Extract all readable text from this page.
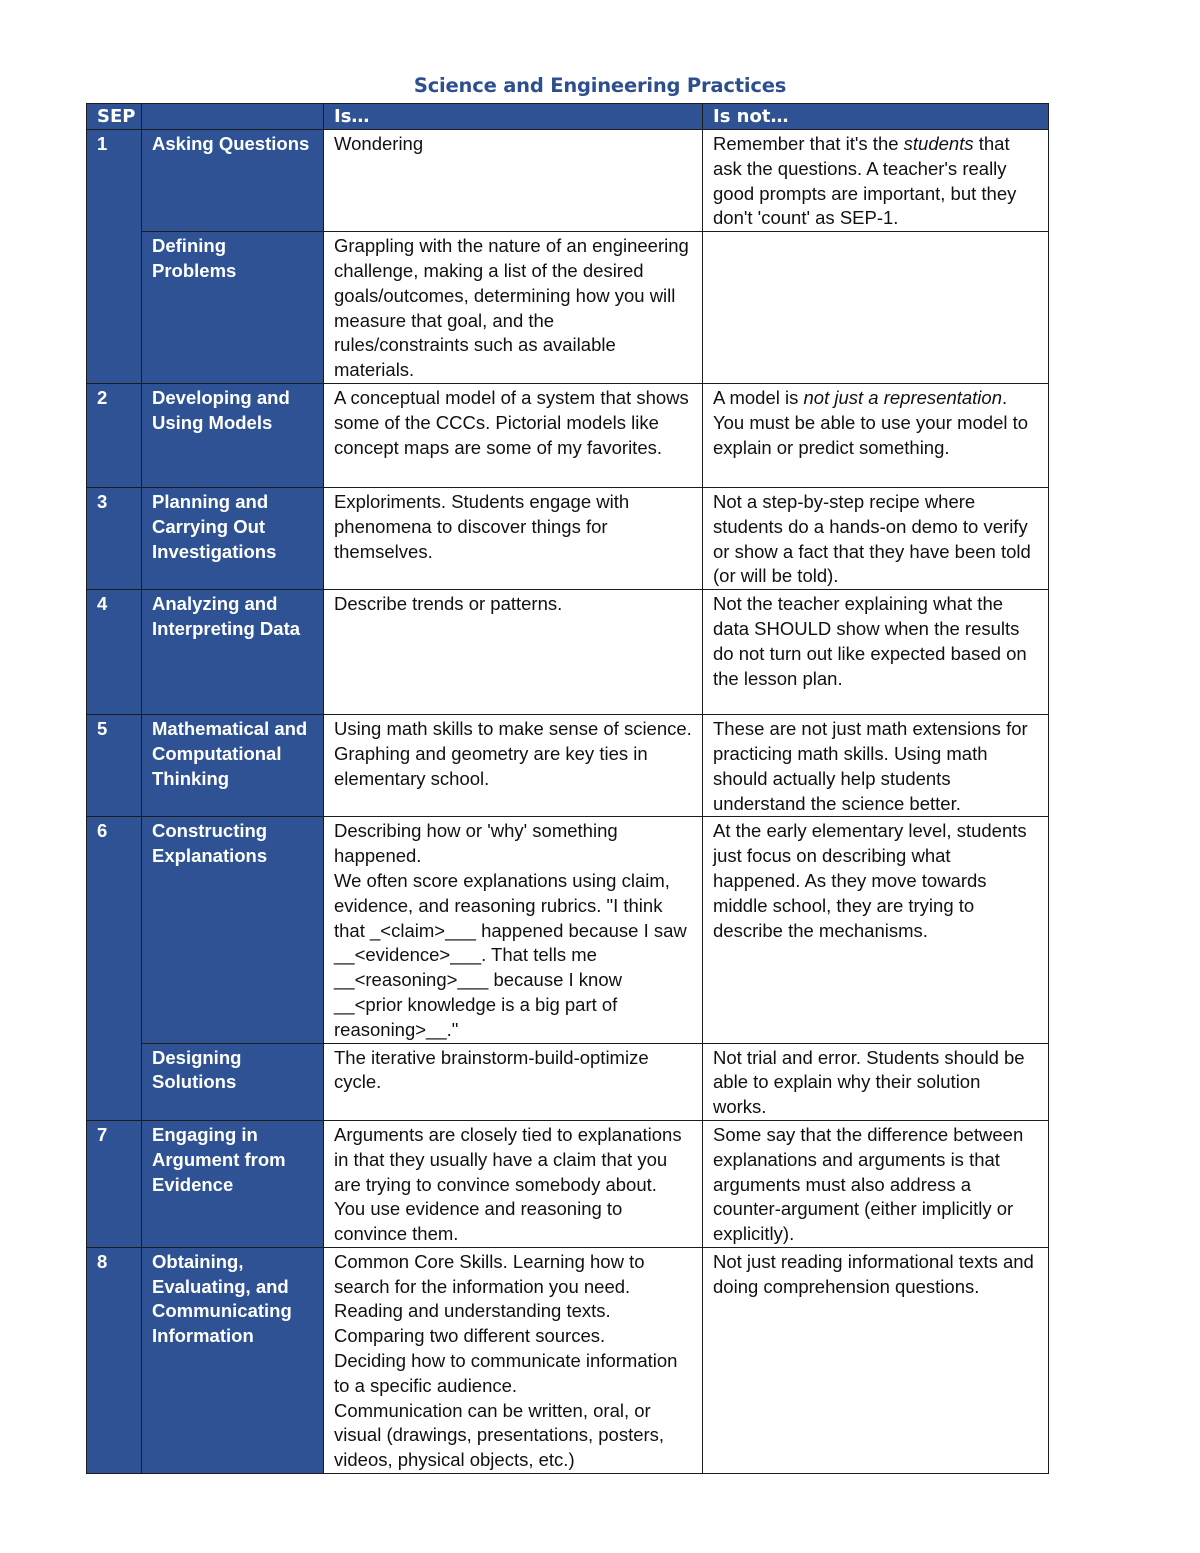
Science and Engineering Practices
SEP		Is…	Is not…
1	Asking Questions	Wondering	Remember that it's the students that ask the questions. A teacher's really good prompts are important, but they don't 'count' as SEP-1.
	Defining Problems	Grappling with the nature of an engineering challenge, making a list of the desired goals/outcomes, determining how you will measure that goal, and the rules/constraints such as available materials.	
2	Developing and Using Models	A conceptual model of a system that shows some of the CCCs. Pictorial models like concept maps are some of my favorites.	A model is not just a representation. You must be able to use your model to explain or predict something.
3	Planning and Carrying Out Investigations	Exploriments. Students engage with phenomena to discover things for themselves.	Not a step-by-step recipe where students do a hands-on demo to verify or show a fact that they have been told (or will be told).
4	Analyzing and Interpreting Data	Describe trends or patterns.	Not the teacher explaining what the data SHOULD show when the results do not turn out like expected based on the lesson plan.
5	Mathematical and Computational Thinking	Using math skills to make sense of science. Graphing and geometry are key ties in elementary school.	These are not just math extensions for practicing math skills. Using math should actually help students understand the science better.
6	Constructing Explanations	Describing how or 'why' something happened.
We often score explanations using claim, evidence, and reasoning rubrics. "I think that _<claim>___ happened because I saw __<evidence>___. That tells me __<reasoning>___ because I know __<prior knowledge is a big part of reasoning>__."	At the early elementary level, students just focus on describing what happened. As they move towards middle school, they are trying to describe the mechanisms.
	Designing Solutions	The iterative brainstorm-build-optimize cycle.	Not trial and error. Students should be able to explain why their solution works.
7	Engaging in Argument from Evidence	Arguments are closely tied to explanations in that they usually have a claim that you are trying to convince somebody about. You use evidence and reasoning to convince them.	Some say that the difference between explanations and arguments is that arguments must also address a counter-argument (either implicitly or explicitly).
8	Obtaining, Evaluating, and Communicating Information	Common Core Skills. Learning how to search for the information you need.
Reading and understanding texts.
Comparing two different sources.
Deciding how to communicate information to a specific audience.
Communication can be written, oral, or visual (drawings, presentations, posters, videos, physical objects, etc.)	Not just reading informational texts and doing comprehension questions.
